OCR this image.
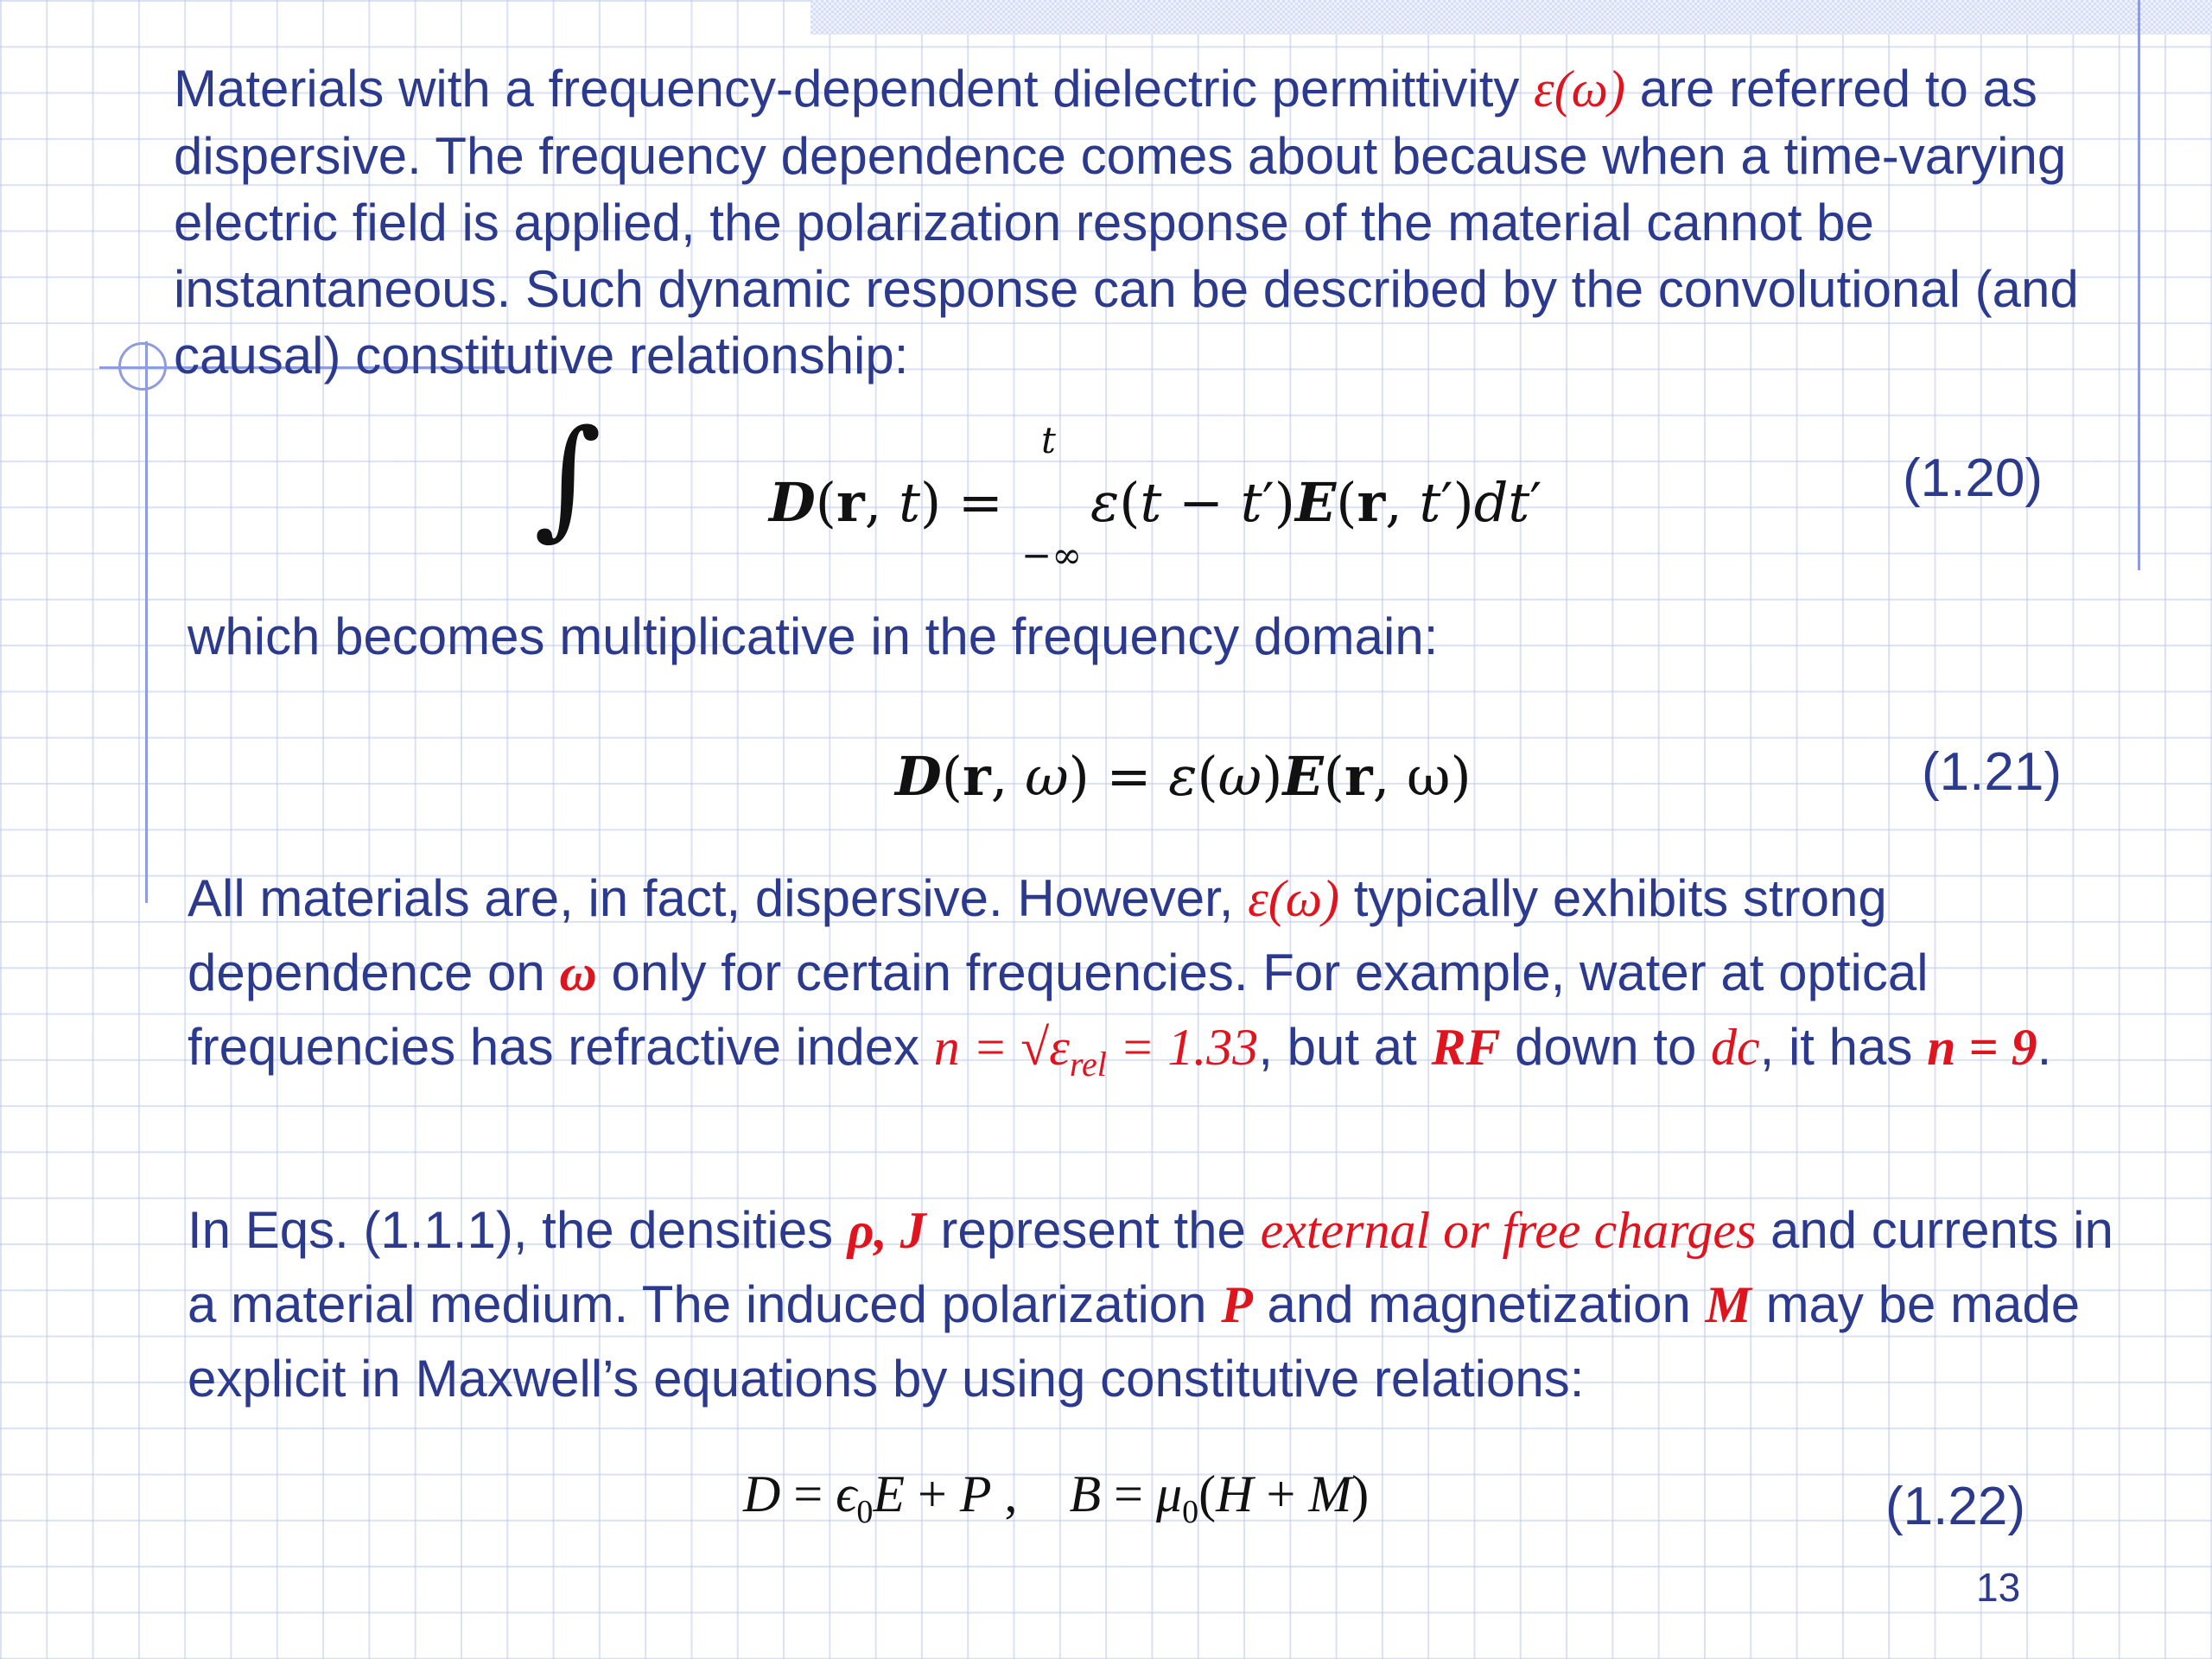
Materials with a frequency-dependent dielectric permittivity ε(ω) are referred to as dispersive. The frequency dependence comes about because when a time-varying electric field is applied, the polarization response of the material cannot be instantaneous. Such dynamic response can be described by the convolutional (and causal) constitutive relationship:

D(r, t) =
∫	t
−∞
ε(t − t′)E(r, t′)dt′	(1.20)

which becomes multiplicative in the frequency domain:

D(r, ω) = ε(ω)E(r, ω)	(1.21)

All materials are, in fact, dispersive. However, ε(ω) typically exhibits strong dependence on ω only for certain frequencies. For example, water at optical frequencies has refractive index $n = √\varepsilon_{rel} = 1.33$, but at RF down to dc, it has n = 9.

In Eqs. (1.1.1), the densities ρ, J represent the external or free charges and currents in a material medium. The induced polarization P and magnetization M may be made explicit in Maxwell’s equations by using constitutive relations:

$D = \epsilon_0E + P$ ,    $B = \mu_0(H + M)$	(1.22)
13
